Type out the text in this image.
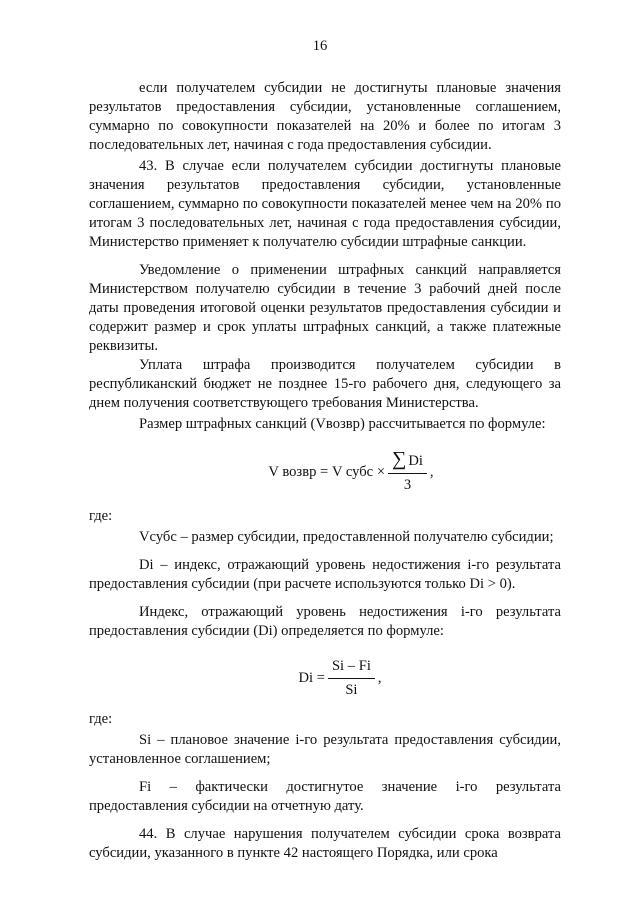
16

если получателем субсидии не достигнуты плановые значения результатов предоставления субсидии, установленные соглашением, суммарно по совокупности показателей на 20% и более по итогам 3 последовательных лет, начиная с года предоставления субсидии.

43. В случае если получателем субсидии достигнуты плановые значения результатов предоставления субсидии, установленные соглашением, суммарно по совокупности показателей менее чем на 20% по итогам 3 последовательных лет, начиная с года предоставления субсидии, Министерство применяет к получателю субсидии штрафные санкции.

Уведомление о применении штрафных санкций направляется Министерством получателю субсидии в течение 3 рабочий дней после даты проведения итоговой оценки результатов предоставления субсидии и содержит размер и срок уплаты штрафных санкций, а также платежные реквизиты.

Уплата штрафа производится получателем субсидии в республиканский бюджет не позднее 15-го рабочего дня, следующего за днем получения соответствующего требования Министерства.

Размер штрафных санкций (Vвозвр) рассчитывается по формуле:

V возвр
=
V субс
× $\frac{\sum Di}{3}$ ,

где:

Vсубс – размер субсидии, предоставленной получателю субсидии;

Di – индекс, отражающий уровень недостижения i-го результата предоставления субсидии (при расчете используются только Di > 0).

Индекс, отражающий уровень недостижения i-го результата предоставления субсидии (Di) определяется по формуле:

Di
= $\frac{Si - Fi}{Si}$ ,

где:

Si – плановое значение i-го результата предоставления субсидии, установленное соглашением;

Fi – фактически достигнутое значение i-го результата предоставления субсидии на отчетную дату.

44. В случае нарушения получателем субсидии срока возврата субсидии, указанного в пункте 42 настоящего Порядка, или срока
